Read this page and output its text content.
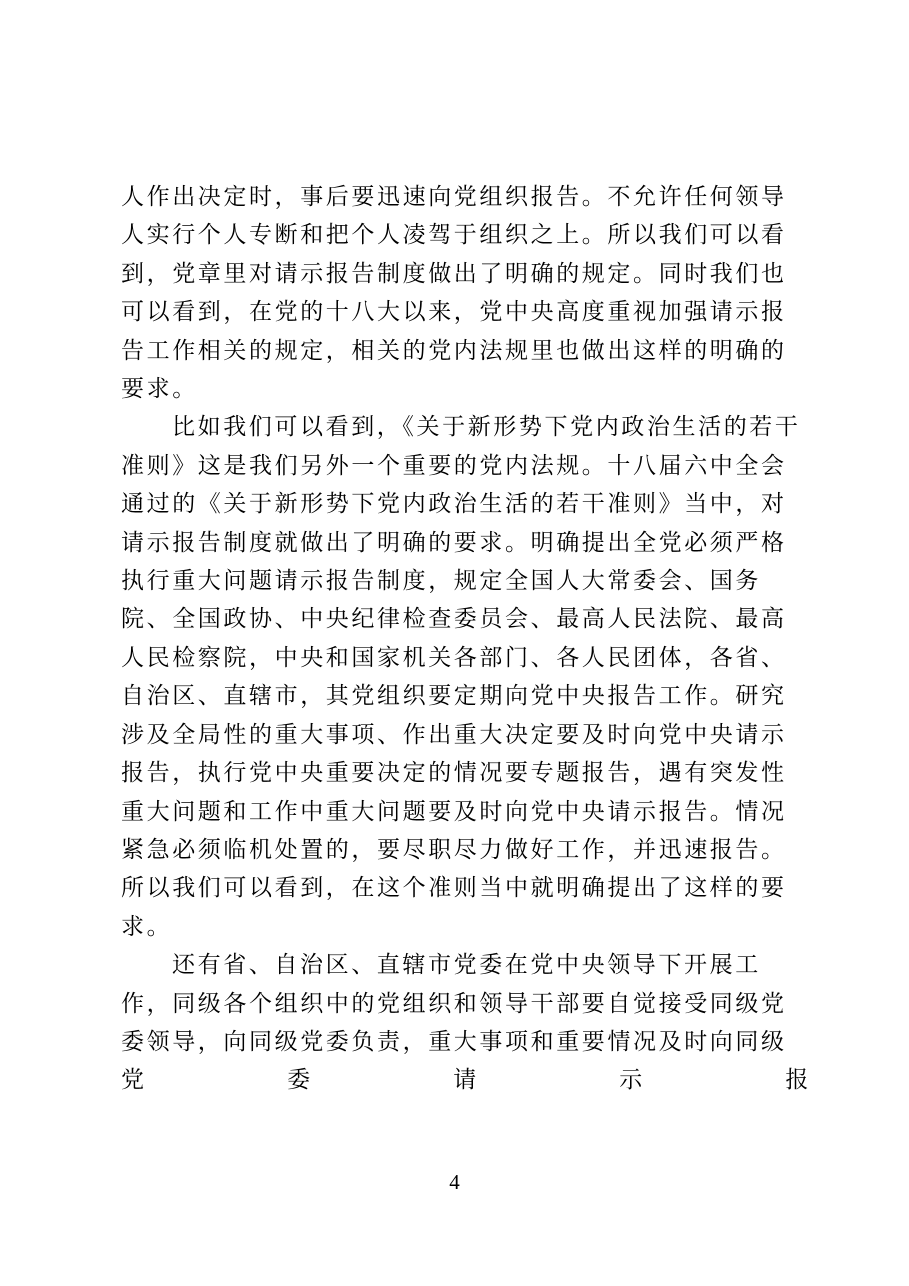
人作出决定时，事后要迅速向党组织报告。不允许任何领导人实行个人专断和把个人凌驾于组织之上。所以我们可以看到，党章里对请示报告制度做出了明确的规定。同时我们也可以看到，在党的十八大以来，党中央高度重视加强请示报告工作相关的规定，相关的党内法规里也做出这样的明确的要求。

比如我们可以看到，《关于新形势下党内政治生活的若干准则》这是我们另外一个重要的党内法规。十八届六中全会通过的《关于新形势下党内政治生活的若干准则》当中，对请示报告制度就做出了明确的要求。明确提出全党必须严格执行重大问题请示报告制度，规定全国人大常委会、国务院、全国政协、中央纪律检查委员会、最高人民法院、最高人民检察院，中央和国家机关各部门、各人民团体，各省、自治区、直辖市，其党组织要定期向党中央报告工作。研究涉及全局性的重大事项、作出重大决定要及时向党中央请示报告，执行党中央重要决定的情况要专题报告，遇有突发性重大问题和工作中重大问题要及时向党中央请示报告。情况紧急必须临机处置的，要尽职尽力做好工作，并迅速报告。所以我们可以看到，在这个准则当中就明确提出了这样的要求。

还有省、自治区、直辖市党委在党中央领导下开展工作，同级各个组织中的党组织和领导干部要自觉接受同级党委领导，向同级党委负责，重大事项和重要情况及时向同级党委请示报

4
